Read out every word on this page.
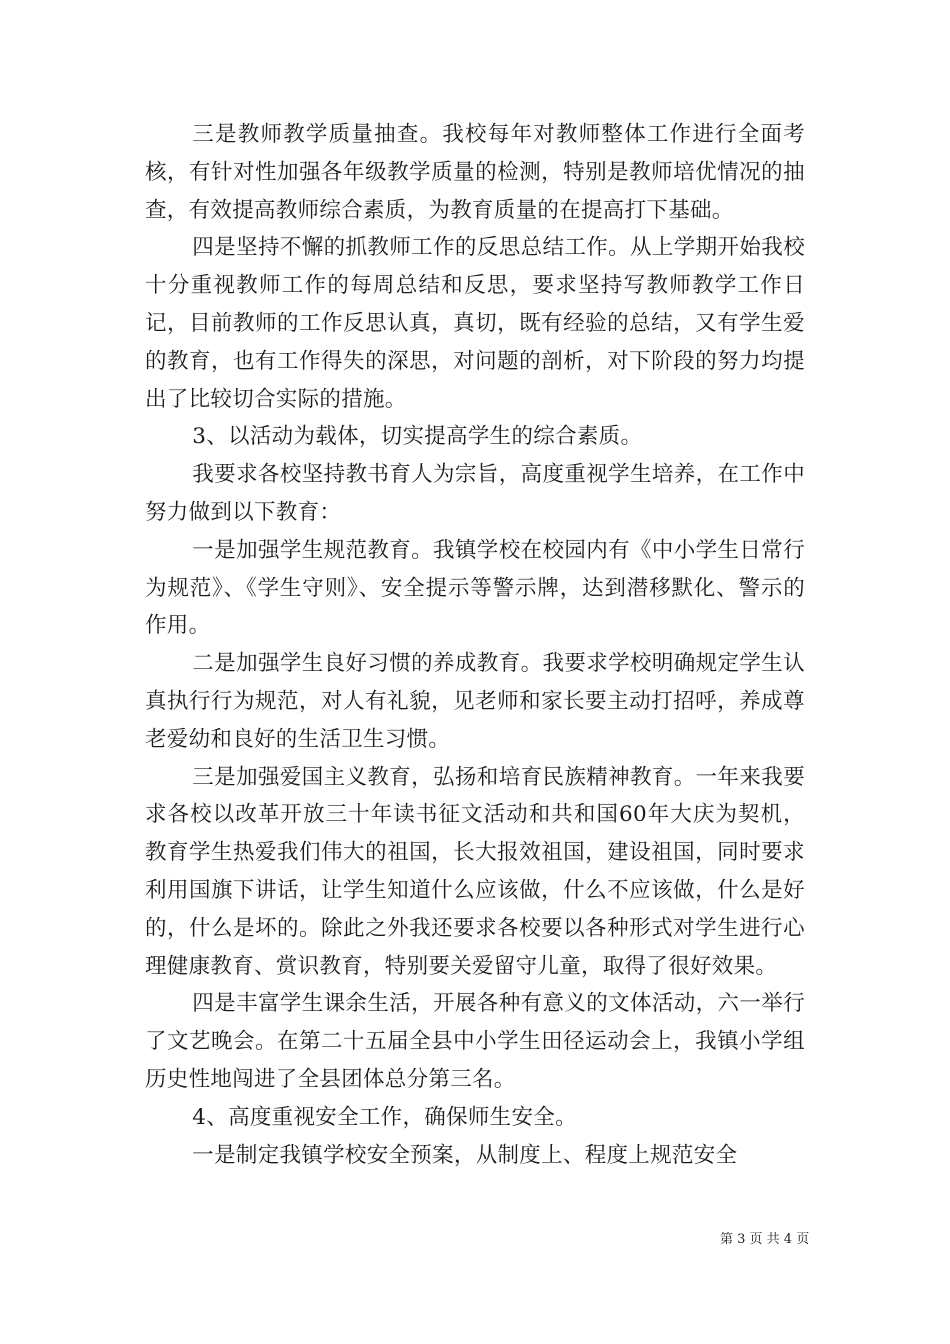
三是教师教学质量抽查。我校每年对教师整体工作进行全面考核，有针对性加强各年级教学质量的检测，特别是教师培优情况的抽查，有效提高教师综合素质，为教育质量的在提高打下基础。

四是坚持不懈的抓教师工作的反思总结工作。从上学期开始我校十分重视教师工作的每周总结和反思，要求坚持写教师教学工作日记，目前教师的工作反思认真，真切，既有经验的总结，又有学生爱的教育，也有工作得失的深思，对问题的剖析，对下阶段的努力均提出了比较切合实际的措施。

3、以活动为载体，切实提高学生的综合素质。

我要求各校坚持教书育人为宗旨，高度重视学生培养，在工作中努力做到以下教育：

一是加强学生规范教育。我镇学校在校园内有《中小学生日常行为规范》、《学生守则》、安全提示等警示牌，达到潜移默化、警示的作用。

二是加强学生良好习惯的养成教育。我要求学校明确规定学生认真执行行为规范，对人有礼貌，见老师和家长要主动打招呼，养成尊老爱幼和良好的生活卫生习惯。

三是加强爱国主义教育，弘扬和培育民族精神教育。一年来我要求各校以改革开放三十年读书征文活动和共和国60年大庆为契机，教育学生热爱我们伟大的祖国，长大报效祖国，建设祖国，同时要求利用国旗下讲话，让学生知道什么应该做，什么不应该做，什么是好的，什么是坏的。除此之外我还要求各校要以各种形式对学生进行心理健康教育、赏识教育，特别要关爱留守儿童，取得了很好效果。

四是丰富学生课余生活，开展各种有意义的文体活动，六一举行了文艺晚会。在第二十五届全县中小学生田径运动会上，我镇小学组历史性地闯进了全县团体总分第三名。

4、高度重视安全工作，确保师生安全。

一是制定我镇学校安全预案，从制度上、程度上规范安全

第 3 页 共 4 页
